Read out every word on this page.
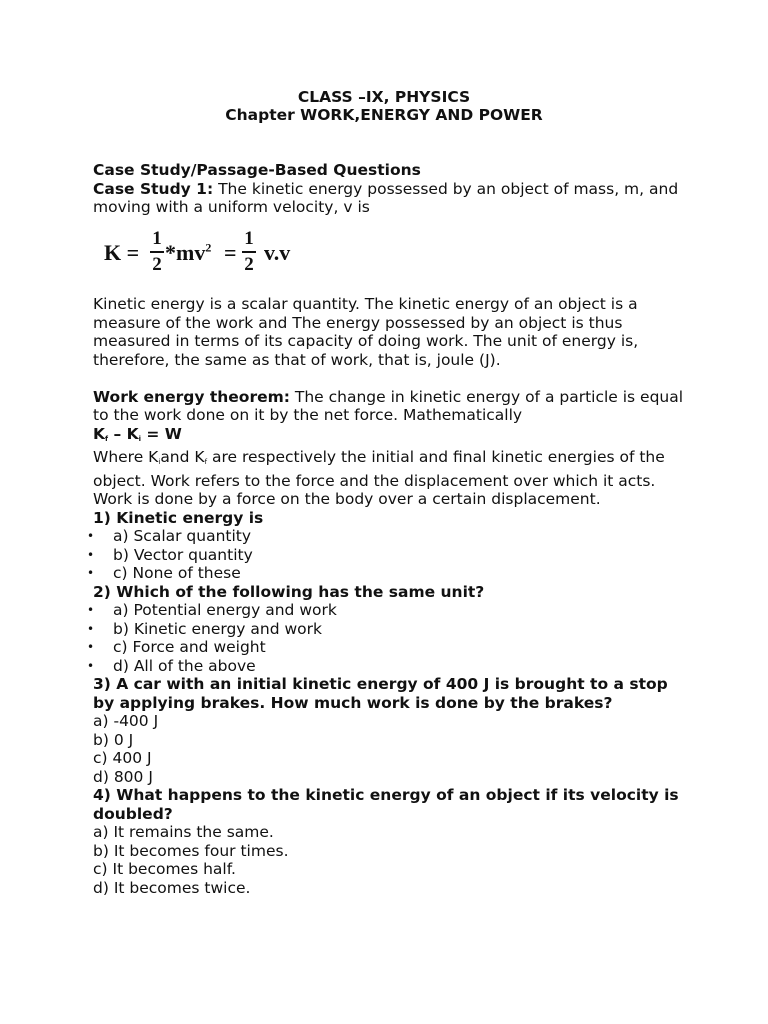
CLASS –IX, PHYSICS
Chapter WORK,ENERGY AND POWER

Case Study/Passage-Based Questions

Case Study 1: The kinetic energy possessed by an object of mass, m, and moving with a uniform velocity, v is

K =
1
2 $*mv^2$ =
1
2 v.v

Kinetic energy is a scalar quantity. The kinetic energy of an object is a measure of the work and The energy possessed by an object is thus measured in terms of its capacity of doing work. The unit of energy is, therefore, the same as that of work, that is, joule (J).

Work energy theorem: The change in kinetic energy of a particle is equal to the work done on it by the net force. Mathematically

$K_f - K_i = W$

Where $K_iand$ $K_f$ are respectively the initial and final kinetic energies of the object. Work refers to the force and the displacement over which it acts. Work is done by a force on the body over a certain displacement.

1) Kinetic energy is

• a) Scalar quantity
• b) Vector quantity
• c) None of these

2) Which of the following has the same unit?

• a) Potential energy and work
• b) Kinetic energy and work
• c) Force and weight
• d) All of the above

3) A car with an initial kinetic energy of 400 J is brought to a stop by applying brakes. How much work is done by the brakes?

a) -400 J

b) 0 J

c) 400 J

d) 800 J

4) What happens to the kinetic energy of an object if its velocity is doubled?

a) It remains the same.

b) It becomes four times.

c) It becomes half.

d) It becomes twice.
